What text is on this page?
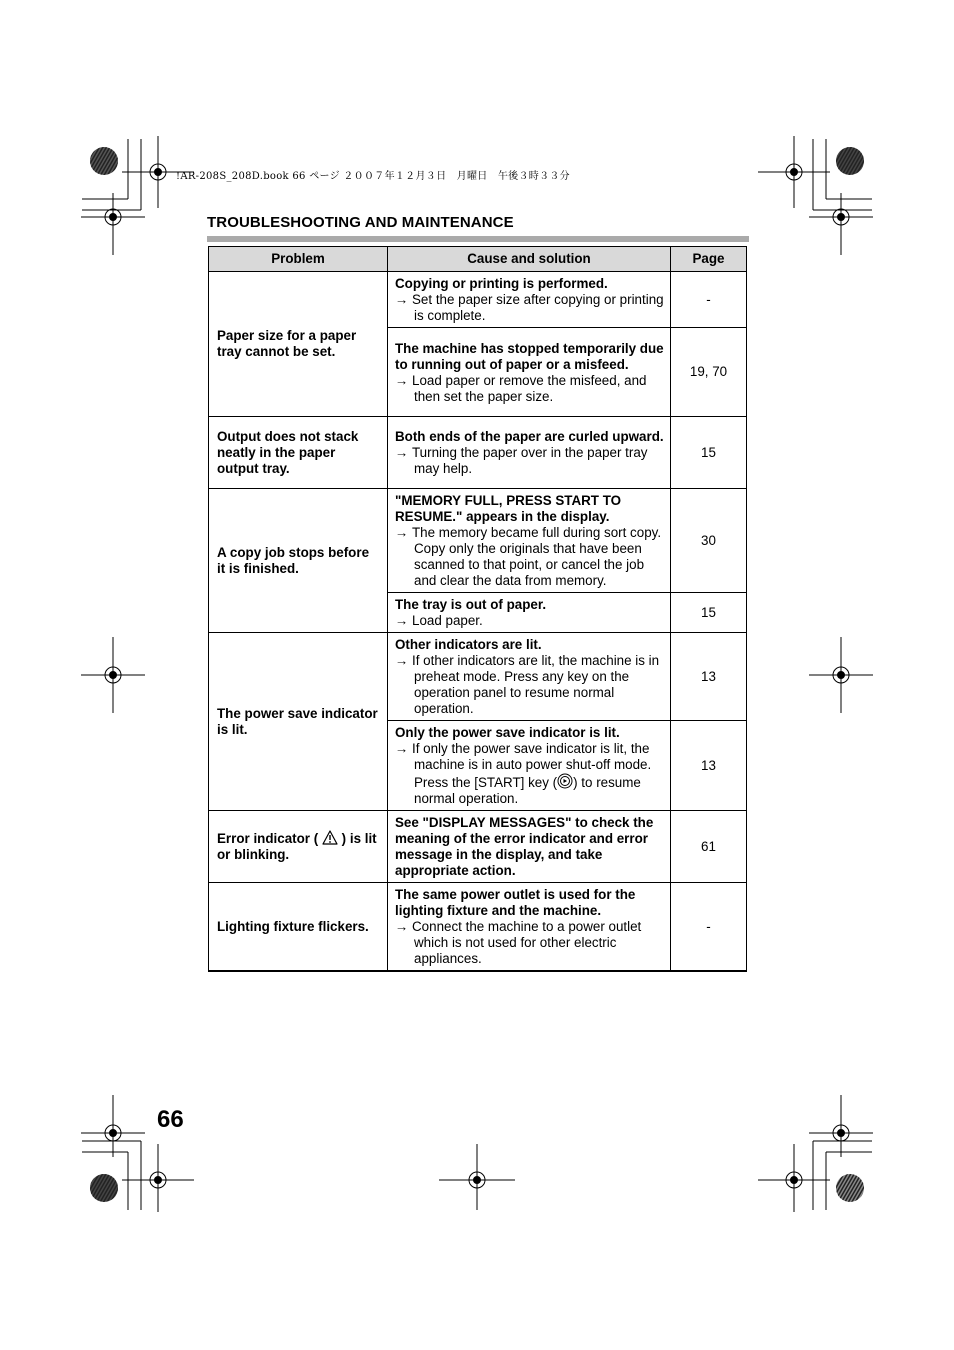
!AR-208S_208D.book 66 ページ ２００７年１２月３日　月曜日　午後３時３３分
TROUBLESHOOTING AND MAINTENANCE
Problem	Cause and solution	Page
Paper size for a paper tray cannot be set.	Copying or printing is performed.
→ Set the paper size after copying or printing is complete.	-

	The machine has stopped temporarily due to running out of paper or a misfeed.
→ Load paper or remove the misfeed, and then set the paper size.	19, 70
Output does not stack neatly in the paper output tray.	Both ends of the paper are curled upward.
→ Turning the paper over in the paper tray may help.	15
A copy job stops before it is finished.	"MEMORY FULL, PRESS START TO RESUME." appears in the display.
→ The memory became full during sort copy. Copy only the originals that have been scanned to that point, or cancel the job and clear the data from memory.	30

	The tray is out of paper.
→ Load paper.	15
The power save indicator is lit.	Other indicators are lit.
→ If other indicators are lit, the machine is in preheat mode. Press any key on the operation panel to resume normal operation.	13

	Only the power save indicator is lit.
→ If only the power save indicator is lit, the machine is in auto power shut-off mode. Press the [START] key ( ) to resume normal operation.	13
Error indicator ( ) is lit or blinking.	See "DISPLAY MESSAGES" to check the meaning of the error indicator and error message in the display, and take appropriate action.	61
Lighting fixture flickers.	The same power outlet is used for the lighting fixture and the machine.
→ Connect the machine to a power outlet which is not used for other electric appliances.	-
66
